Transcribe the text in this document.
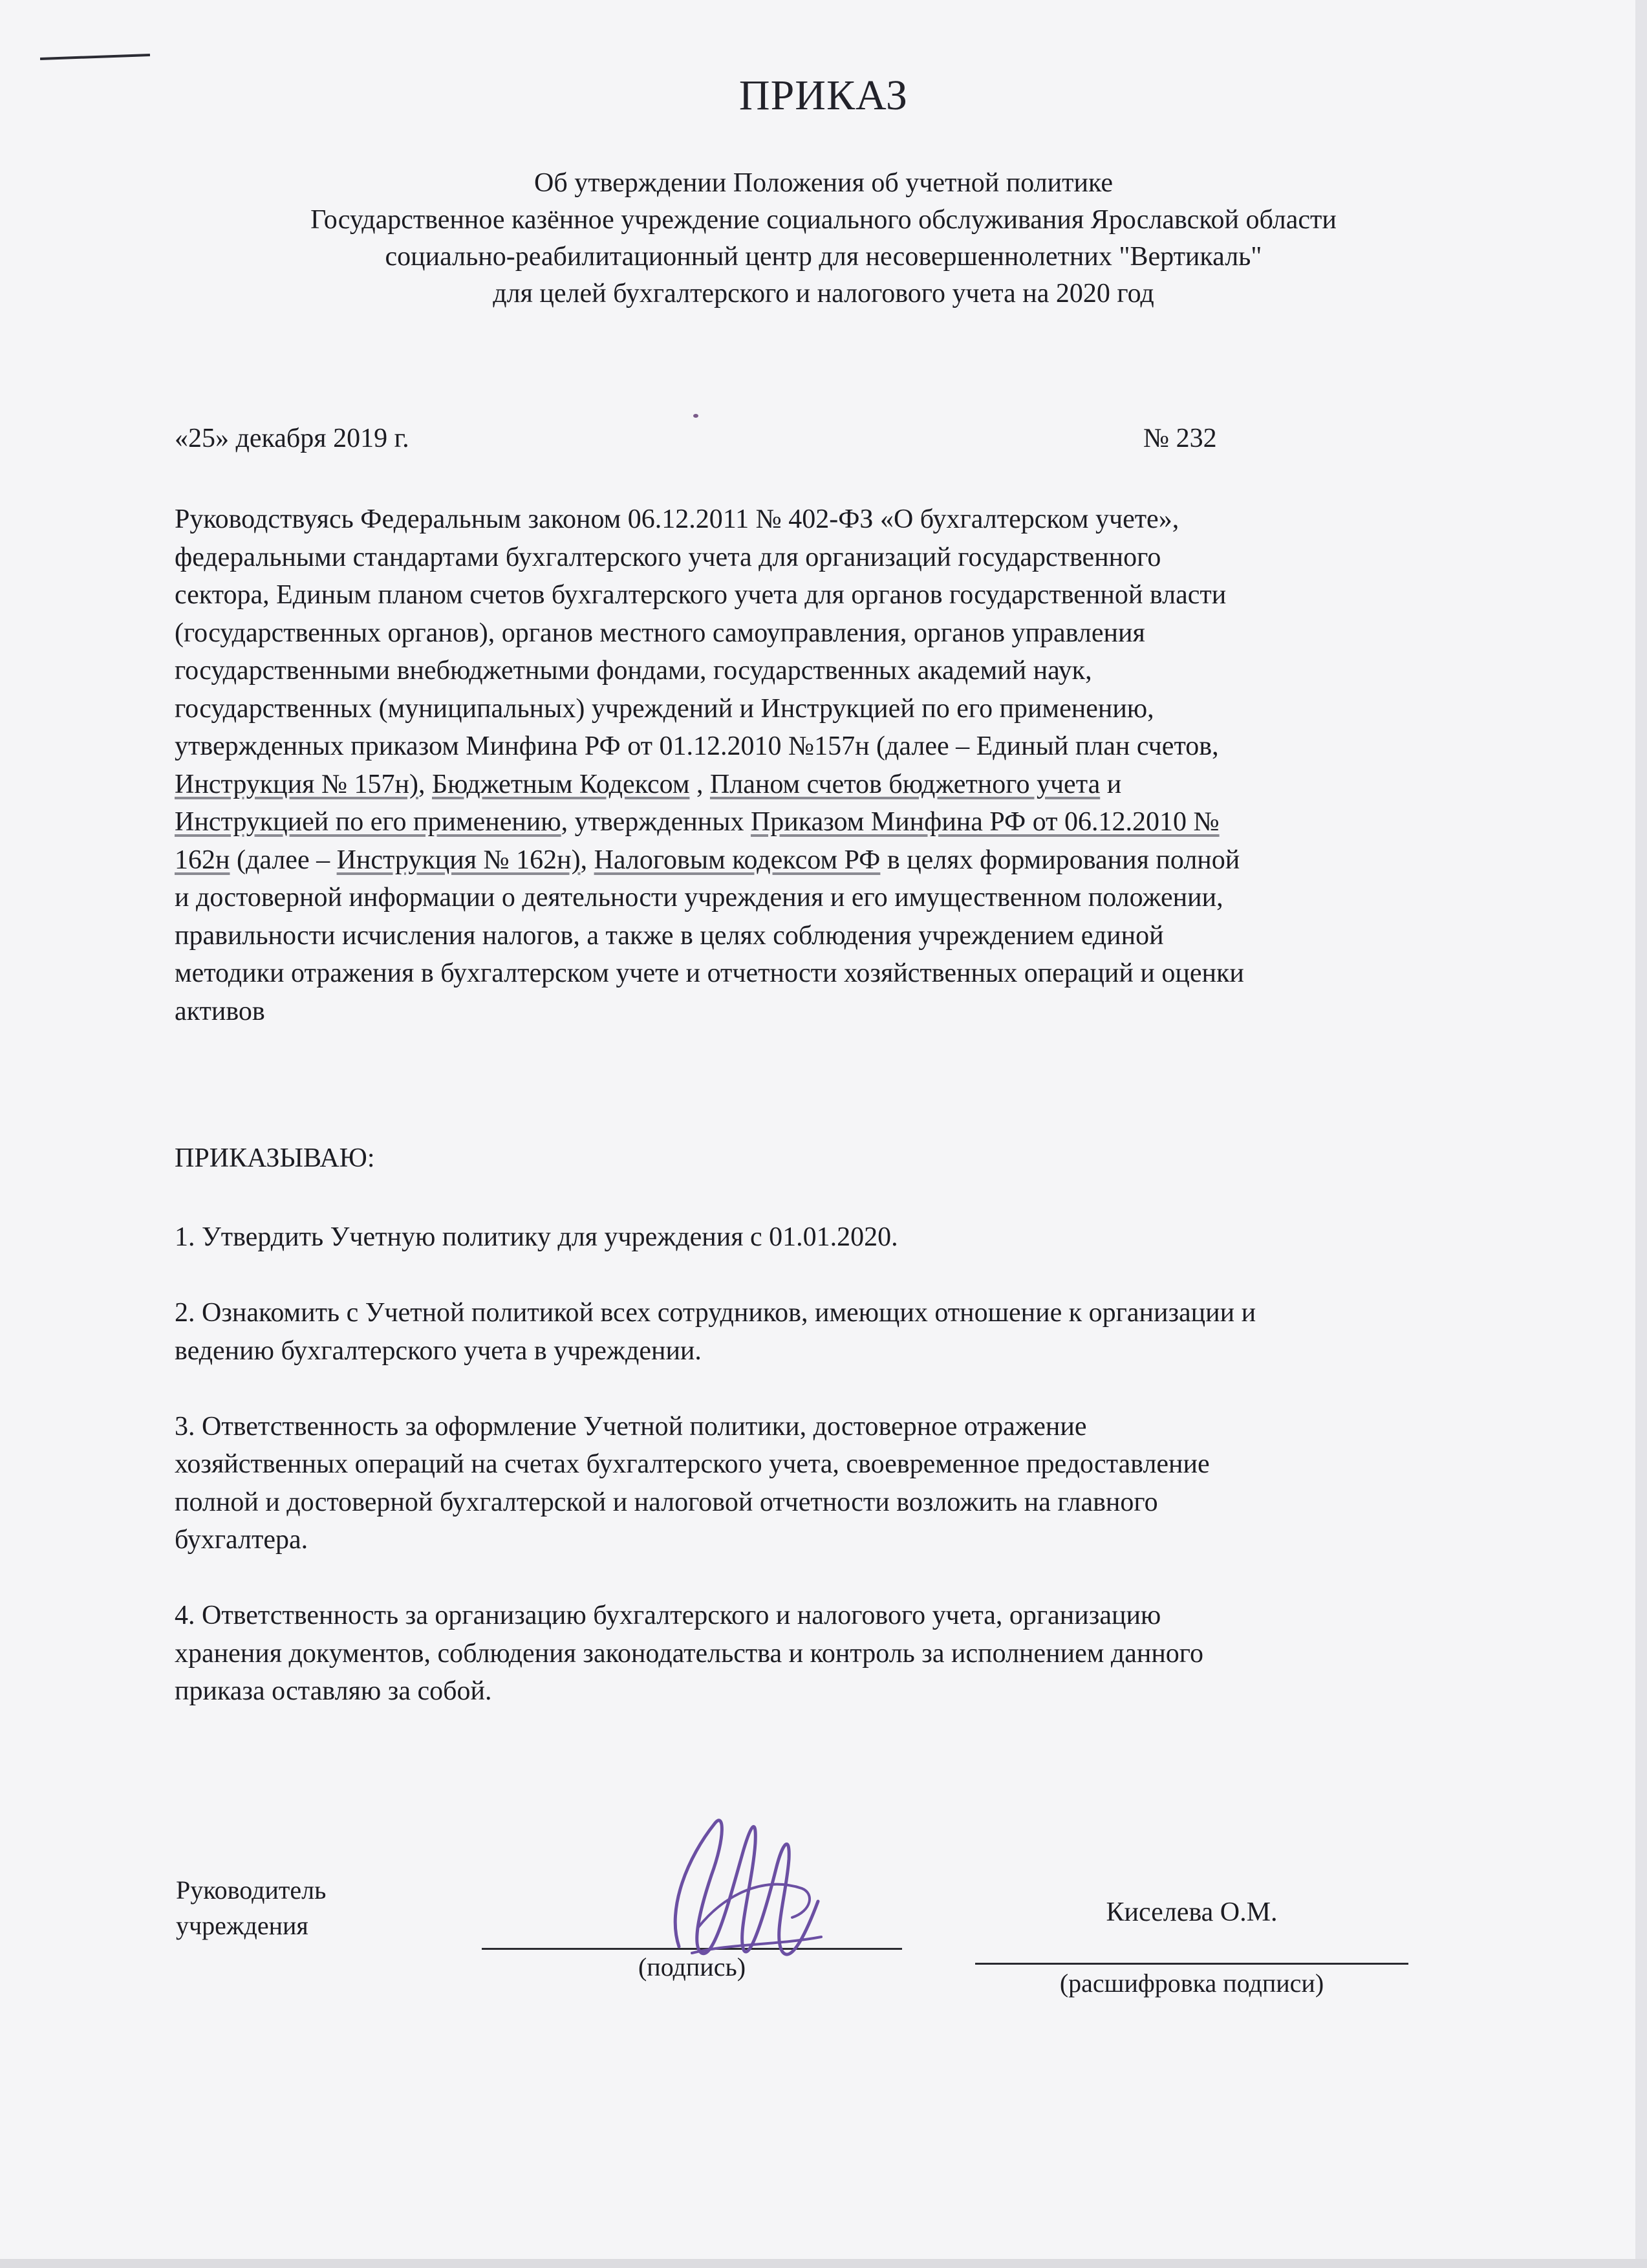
ПРИКАЗ
Об утверждении Положения об учетной политике
Государственное казённое учреждение социального обслуживания Ярославской области
социально-реабилитационный центр для несовершеннолетних "Вертикаль"
для целей бухгалтерского и налогового учета на 2020 год
«25» декабря 2019 г.	№ 232
Руководствуясь Федеральным законом 06.12.2011 № 402-ФЗ «О бухгалтерском учете»,
федеральными стандартами бухгалтерского учета для организаций государственного
сектора, Единым планом счетов бухгалтерского учета для органов государственной власти
(государственных органов), органов местного самоуправления, органов управления
государственными внебюджетными фондами, государственных академий наук,
государственных (муниципальных) учреждений и Инструкцией по его применению,
утвержденных приказом Минфина РФ от 01.12.2010 №157н (далее – Единый план счетов,
Инструкция № 157н), Бюджетным Кодексом , Планом счетов бюджетного учета и
Инструкцией по его применению, утвержденных Приказом Минфина РФ от 06.12.2010 №
162н (далее – Инструкция № 162н), Налоговым кодексом РФ в целях формирования полной
и достоверной информации о деятельности учреждения и его имущественном положении,
правильности исчисления налогов, а также в целях соблюдения учреждением единой
методики отражения в бухгалтерском учете и отчетности хозяйственных операций и оценки
активов
ПРИКАЗЫВАЮ:
1. Утвердить Учетную политику для учреждения с 01.01.2020.
2. Ознакомить с Учетной политикой всех сотрудников, имеющих отношение к организации и
ведению бухгалтерского учета в учреждении.
3. Ответственность за оформление Учетной политики, достоверное отражение
хозяйственных операций на счетах бухгалтерского учета, своевременное предоставление
полной и достоверной бухгалтерской и налоговой отчетности возложить на главного
бухгалтера.
4. Ответственность за организацию бухгалтерского и налогового учета, организацию
хранения документов, соблюдения законодательства и контроль за исполнением данного
приказа оставляю за собой.
Руководитель
учреждения
(подпись)
Киселева О.М.
(расшифровка подписи)
